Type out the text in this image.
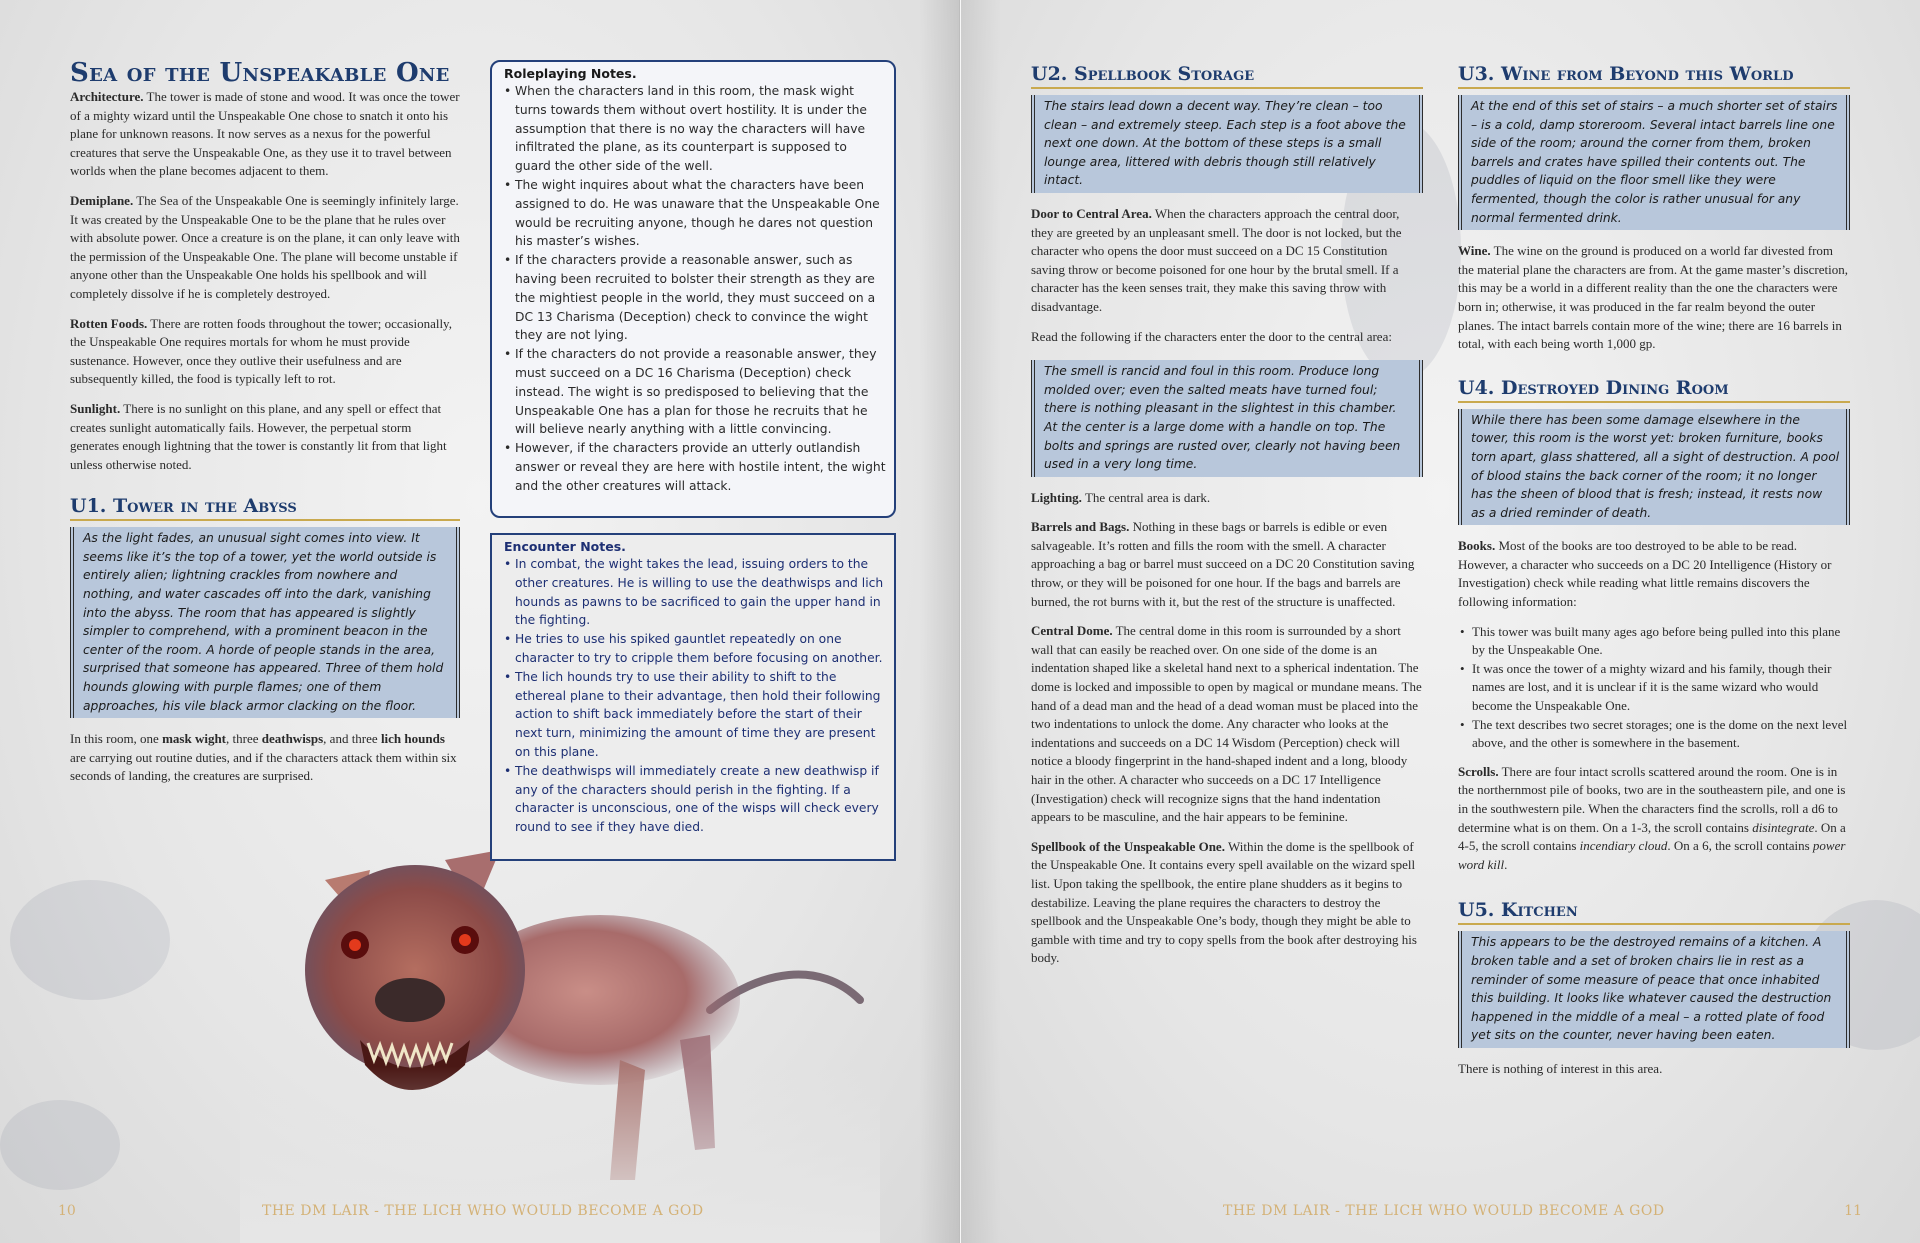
Sea of the Unspeakable One

Architecture. The tower is made of stone and wood. It was once the tower of a mighty wizard until the Unspeakable One chose to snatch it onto his plane for unknown reasons. It now serves as a nexus for the powerful creatures that serve the Unspeakable One, as they use it to travel between worlds when the plane becomes adjacent to them.

Demiplane. The Sea of the Unspeakable One is seemingly infinitely large. It was created by the Unspeakable One to be the plane that he rules over with absolute power. Once a creature is on the plane, it can only leave with the permission of the Unspeakable One. The plane will become unstable if anyone other than the Unspeakable One holds his spellbook and will completely dissolve if he is completely destroyed.

Rotten Foods. There are rotten foods throughout the tower; occasionally, the Unspeakable One requires mortals for whom he must provide sustenance. However, once they outlive their usefulness and are subsequently killed, the food is typically left to rot.

Sunlight. There is no sunlight on this plane, and any spell or effect that creates sunlight automatically fails. However, the perpetual storm generates enough lightning that the tower is constantly lit from that light unless otherwise noted.

U1. Tower in the Abyss
As the light fades, an unusual sight comes into view. It seems like it’s the top of a tower, yet the world outside is entirely alien; lightning crackles from nowhere and nothing, and water cascades off into the dark, vanishing into the abyss. The room that has appeared is slightly simpler to comprehend, with a prominent beacon in the center of the room. A horde of people stands in the area, surprised that someone has appeared. Three of them hold hounds glowing with purple flames; one of them approaches, his vile black armor clacking on the floor.

In this room, one mask wight, three deathwisps, and three lich hounds are carrying out routine duties, and if the characters attack them within six seconds of landing, the creatures are surprised.

Roleplaying Notes.
• When the characters land in this room, the mask wight turns towards them without overt hostility. It is under the assumption that there is no way the characters will have infiltrated the plane, as its counterpart is supposed to guard the other side of the well.
• The wight inquires about what the characters have been assigned to do. He was unaware that the Unspeakable One would be recruiting anyone, though he dares not question his master’s wishes.
• If the characters provide a reasonable answer, such as having been recruited to bolster their strength as they are the mightiest people in the world, they must succeed on a DC 13 Charisma (Deception) check to convince the wight they are not lying.
• If the characters do not provide a reasonable answer, they must succeed on a DC 16 Charisma (Deception) check instead. The wight is so predisposed to believing that the Unspeakable One has a plan for those he recruits that he will believe nearly anything with a little convincing.
• However, if the characters provide an utterly outlandish answer or reveal they are here with hostile intent, the wight and the other creatures will attack.
Encounter Notes.
• In combat, the wight takes the lead, issuing orders to the other creatures. He is willing to use the deathwisps and lich hounds as pawns to be sacrificed to gain the upper hand in the fighting.
• He tries to use his spiked gauntlet repeatedly on one character to try to cripple them before focusing on another.
• The lich hounds try to use their ability to shift to the ethereal plane to their advantage, then hold their following action to shift back immediately before the start of their next turn, minimizing the amount of time they are present on this plane.
• The deathwisps will immediately create a new deathwisp if any of the characters should perish in the fighting. If a character is unconscious, one of the wisps will check every round to see if they have died.
10	THE DM LAIR - THE LICH WHO WOULD BECOME A GOD
U2. Spellbook Storage
The stairs lead down a decent way. They’re clean – too clean – and extremely steep. Each step is a foot above the next one down. At the bottom of these steps is a small lounge area, littered with debris though still relatively intact.

Door to Central Area. When the characters approach the central door, they are greeted by an unpleasant smell. The door is not locked, but the character who opens the door must succeed on a DC 15 Constitution saving throw or become poisoned for one hour by the brutal smell. If a character has the keen senses trait, they make this saving throw with disadvantage.

Read the following if the characters enter the door to the central area:

The smell is rancid and foul in this room. Produce long molded over; even the salted meats have turned foul; there is nothing pleasant in the slightest in this chamber. At the center is a large dome with a handle on top. The bolts and springs are rusted over, clearly not having been used in a very long time.

Lighting. The central area is dark.

Barrels and Bags. Nothing in these bags or barrels is edible or even salvageable. It’s rotten and fills the room with the smell. A character approaching a bag or barrel must succeed on a DC 20 Constitution saving throw, or they will be poisoned for one hour. If the bags and barrels are burned, the rot burns with it, but the rest of the structure is unaffected.

Central Dome. The central dome in this room is surrounded by a short wall that can easily be reached over. On one side of the dome is an indentation shaped like a skeletal hand next to a spherical indentation. The dome is locked and impossible to open by magical or mundane means. The hand of a dead man and the head of a dead woman must be placed into the two indentations to unlock the dome. Any character who looks at the indentations and succeeds on a DC 14 Wisdom (Perception) check will notice a bloody fingerprint in the hand-shaped indent and a long, bloody hair in the other. A character who succeeds on a DC 17 Intelligence (Investigation) check will recognize signs that the hand indentation appears to be masculine, and the hair appears to be feminine.

Spellbook of the Unspeakable One. Within the dome is the spellbook of the Unspeakable One. It contains every spell available on the wizard spell list. Upon taking the spellbook, the entire plane shudders as it begins to destabilize. Leaving the plane requires the characters to destroy the spellbook and the Unspeakable One’s body, though they might be able to gamble with time and try to copy spells from the book after destroying his body.

U3. Wine from Beyond this World
At the end of this set of stairs – a much shorter set of stairs – is a cold, damp storeroom. Several intact barrels line one side of the room; around the corner from them, broken barrels and crates have spilled their contents out. The puddles of liquid on the floor smell like they were fermented, though the color is rather unusual for any normal fermented drink.

Wine. The wine on the ground is produced on a world far divested from the material plane the characters are from. At the game master’s discretion, this may be a world in a different reality than the one the characters were born in; otherwise, it was produced in the far realm beyond the outer planes. The intact barrels contain more of the wine; there are 16 barrels in total, with each being worth 1,000 gp.

U4. Destroyed Dining Room
While there has been some damage elsewhere in the tower, this room is the worst yet: broken furniture, books torn apart, glass shattered, all a sight of destruction. A pool of blood stains the back corner of the room; it no longer has the sheen of blood that is fresh; instead, it rests now as a dried reminder of death.

Books. Most of the books are too destroyed to be able to be read. However, a character who succeeds on a DC 20 Intelligence (History or Investigation) check while reading what little remains discovers the following information:

• This tower was built many ages ago before being pulled into this plane by the Unspeakable One.
• It was once the tower of a mighty wizard and his family, though their names are lost, and it is unclear if it is the same wizard who would become the Unspeakable One.
• The text describes two secret storages; one is the dome on the next level above, and the other is somewhere in the basement.

Scrolls. There are four intact scrolls scattered around the room. One is in the northernmost pile of books, two are in the southeastern pile, and one is in the southwestern pile. When the characters find the scrolls, roll a d6 to determine what is on them. On a 1-3, the scroll contains disintegrate. On a 4-5, the scroll contains incendiary cloud. On a 6, the scroll contains power word kill.

U5. Kitchen
This appears to be the destroyed remains of a kitchen. A broken table and a set of broken chairs lie in rest as a reminder of some measure of peace that once inhabited this building. It looks like whatever caused the destruction happened in the middle of a meal – a rotted plate of food yet sits on the counter, never having been eaten.

There is nothing of interest in this area.

THE DM LAIR - THE LICH WHO WOULD BECOME A GOD	11
